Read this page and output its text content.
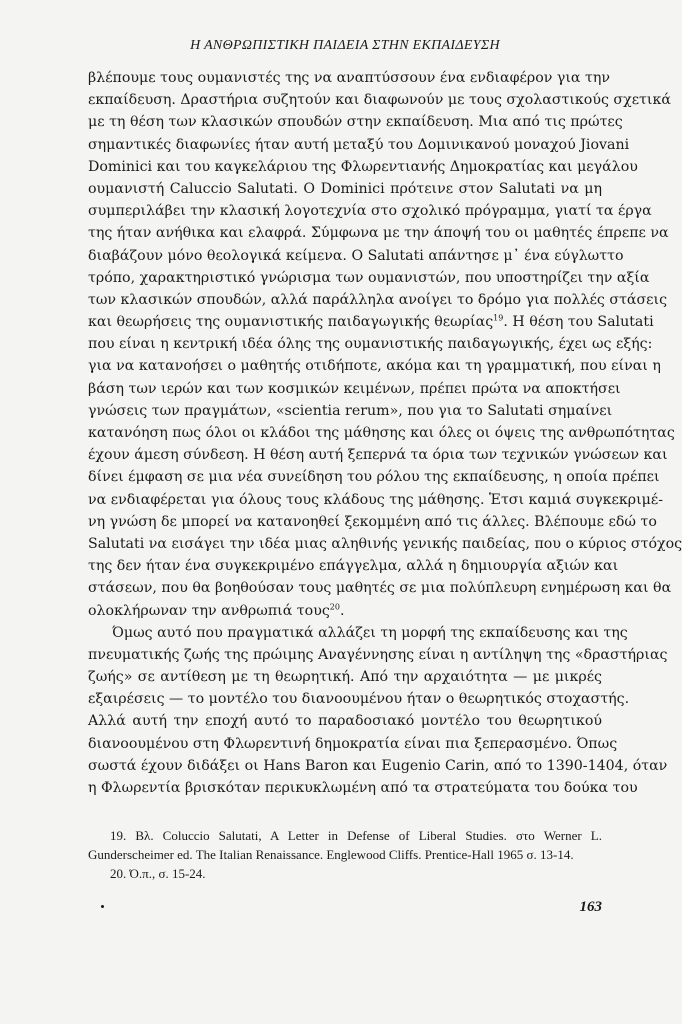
Η ΑΝΘΡΩΠΙΣΤΙΚΗ ΠΑΙΔΕΙΑ ΣΤΗΝ ΕΚΠΑΙΔΕΥΣΗ
βλέπουμε τους ουμανιστές της να αναπτύσσουν ένα ενδιαφέρον για την
εκπαίδευση. Δραστήρια συζητούν και διαφωνούν με τους σχολαστικούς σχετικά
με τη θέση των κλασικών σπουδών στην εκπαίδευση. Μια από τις πρώτες
σημαντικές διαφωνίες ήταν αυτή μεταξύ του Δομινικανού μοναχού Jiovani
Dominici και του καγκελάριου της Φλωρεντιανής Δημοκρατίας και μεγάλου
ουμανιστή Caluccio Salutati. Ο Dominici πρότεινε στον Salutati να μη
συμπεριλάβει την κλασική λογοτεχνία στο σχολικό πρόγραμμα, γιατί τα έργα
της ήταν ανήθικα και ελαφρά. Σύμφωνα με την άποψή του οι μαθητές έπρεπε να
διαβάζουν μόνο θεολογικά κείμενα. Ο Salutati απάντησε μ᾽ ένα εύγλωττο
τρόπο, χαρακτηριστικό γνώρισμα των ουμανιστών, που υποστηρίζει την αξία
των κλασικών σπουδών, αλλά παράλληλα ανοίγει το δρόμο για πολλές στάσεις
και θεωρήσεις της ουμανιστικής παιδαγωγικής θεωρίας$^{19}$. Η θέση του Salutati
που είναι η κεντρική ιδέα όλης της ουμανιστικής παιδαγωγικής, έχει ως εξής:
για να κατανοήσει ο μαθητής οτιδήποτε, ακόμα και τη γραμματική, που είναι η
βάση των ιερών και των κοσμικών κειμένων, πρέπει πρώτα να αποκτήσει
γνώσεις των πραγμάτων, «scientia rerum», που για το Salutati σημαίνει
κατανόηση πως όλοι οι κλάδοι της μάθησης και όλες οι όψεις της ανθρωπότητας
έχουν άμεση σύνδεση. Η θέση αυτή ξεπερνά τα όρια των τεχνικών γνώσεων και
δίνει έμφαση σε μια νέα συνείδηση του ρόλου της εκπαίδευσης, η οποία πρέπει
να ενδιαφέρεται για όλους τους κλάδους της μάθησης. Ἑτσι καμιά συγκεκριμέ-
νη γνώση δε μπορεί να κατανοηθεί ξεκομμένη από τις άλλες. Βλέπουμε εδώ το
Salutati να εισάγει την ιδέα μιας αληθινής γενικής παιδείας, που ο κύριος στόχος
της δεν ήταν ένα συγκεκριμένο επάγγελμα, αλλά η δημιουργία αξιών και
στάσεων, που θα βοηθούσαν τους μαθητές σε μια πολύπλευρη ενημέρωση και θα
ολοκλήρωναν την ανθρωπιά τους$^{20}$.
Όμως αυτό που πραγματικά αλλάζει τη μορφή της εκπαίδευσης και της
πνευματικής ζωής της πρώιμης Αναγέννησης είναι η αντίληψη της «δραστήριας
ζωής» σε αντίθεση με τη θεωρητική. Από την αρχαιότητα — με μικρές
εξαιρέσεις — το μοντέλο του διανοουμένου ήταν ο θεωρητικός στοχαστής.
Αλλά αυτή την εποχή αυτό το παραδοσιακό μοντέλο του θεωρητικού
διανοουμένου στη Φλωρεντινή δημοκρατία είναι πια ξεπερασμένο. Όπως
σωστά έχουν διδάξει οι Hans Baron και Eugenio Carin, από το 1390-1404, όταν
η Φλωρεντία βρισκόταν περικυκλωμένη από τα στρατεύματα του δούκα του
19. Βλ. Coluccio Salutati, A Letter in Defense of Liberal Studies. στο Werner L.
Gunderscheimer ed. The Italian Renaissance. Englewood Cliffs. Prentice-Hall 1965 σ. 13-14.
20. Ό.π., σ. 15-24.
163
